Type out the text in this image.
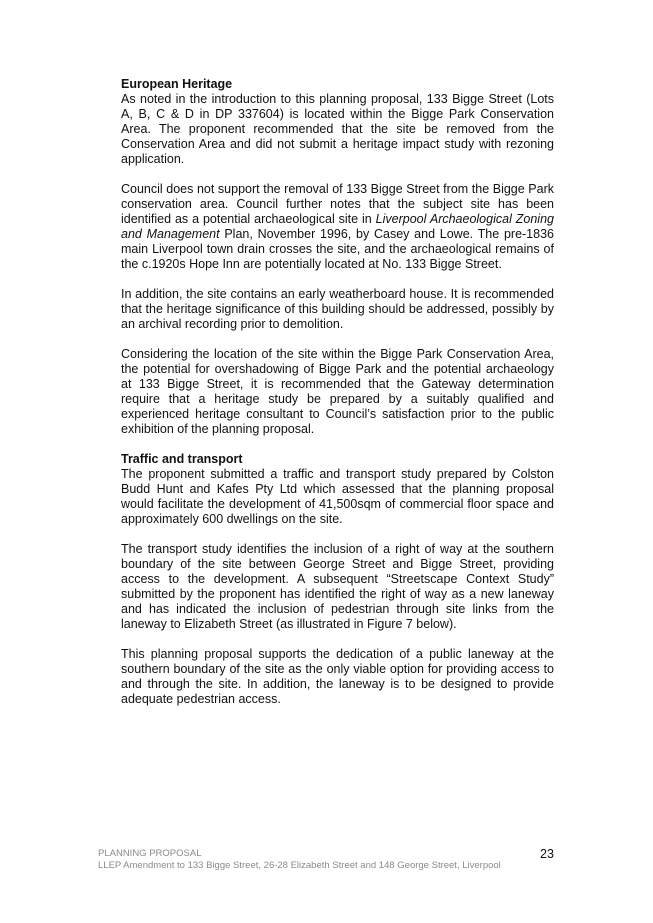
European Heritage

As noted in the introduction to this planning proposal, 133 Bigge Street (Lots A, B, C & D in DP 337604) is located within the Bigge Park Conservation Area. The proponent recommended that the site be removed from the Conservation Area and did not submit a heritage impact study with rezoning application.

Council does not support the removal of 133 Bigge Street from the Bigge Park conservation area. Council further notes that the subject site has been identified as a potential archaeological site in Liverpool Archaeological Zoning and Management Plan, November 1996, by Casey and Lowe. The pre-1836 main Liverpool town drain crosses the site, and the archaeological remains of the c.1920s Hope Inn are potentially located at No. 133 Bigge Street.

In addition, the site contains an early weatherboard house. It is recommended that the heritage significance of this building should be addressed, possibly by an archival recording prior to demolition.

Considering the location of the site within the Bigge Park Conservation Area, the potential for overshadowing of Bigge Park and the potential archaeology at 133 Bigge Street, it is recommended that the Gateway determination require that a heritage study be prepared by a suitably qualified and experienced heritage consultant to Council’s satisfaction prior to the public exhibition of the planning proposal.

Traffic and transport

The proponent submitted a traffic and transport study prepared by Colston Budd Hunt and Kafes Pty Ltd which assessed that the planning proposal would facilitate the development of 41,500sqm of commercial floor space and approximately 600 dwellings on the site.

The transport study identifies the inclusion of a right of way at the southern boundary of the site between George Street and Bigge Street, providing access to the development. A subsequent “Streetscape Context Study” submitted by the proponent has identified the right of way as a new laneway and has indicated the inclusion of pedestrian through site links from the laneway to Elizabeth Street (as illustrated in Figure 7 below).

This planning proposal supports the dedication of a public laneway at the southern boundary of the site as the only viable option for providing access to and through the site. In addition, the laneway is to be designed to provide adequate pedestrian access.

PLANNING PROPOSAL
LLEP Amendment to 133 Bigge Street, 26-28 Elizabeth Street and 148 George Street, Liverpool
23
